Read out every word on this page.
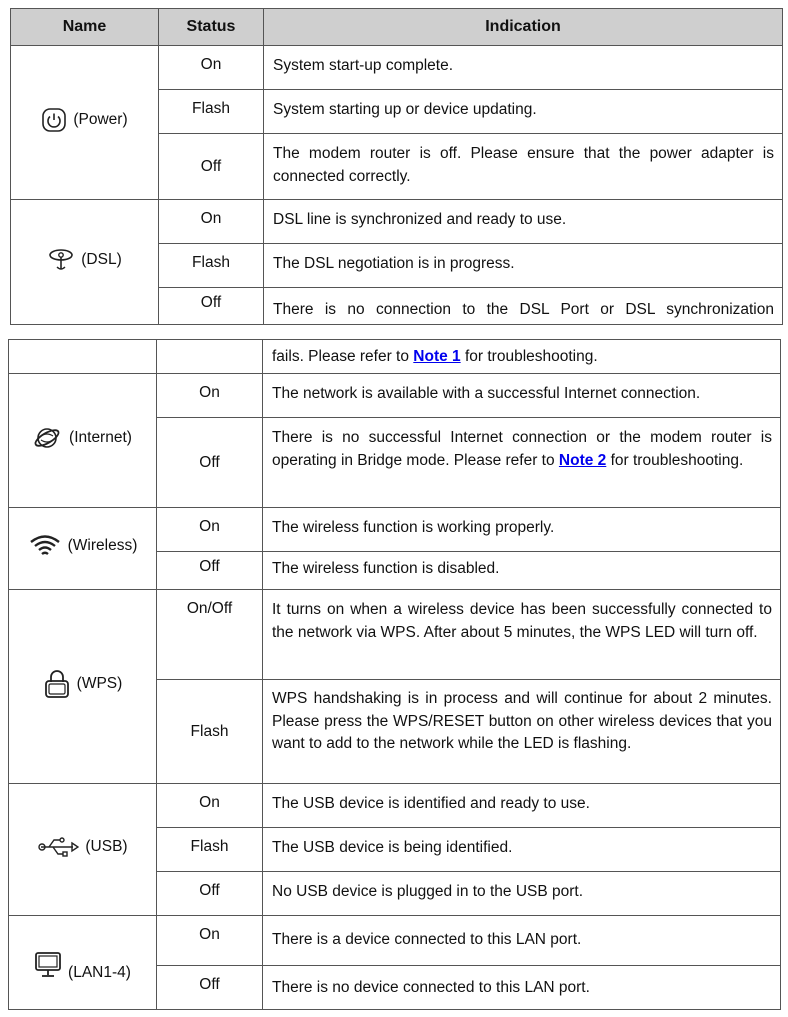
Name	Status	Indication

(Power)	On	System start-up complete.
	Flash	System starting up or device updating.
	Off	The modem router is off. Please ensure that the power adapter is connected correctly.

(DSL)	On	DSL line is synchronized and ready to use.
	Flash	The DSL negotiation is in progress.
	Off	There is no connection to the DSL Port or DSL synchronization
		fails. Please refer to Note 1 for troubleshooting.

(Internet)	On	The network is available with a successful Internet connection.
	Off	There is no successful Internet connection or the modem router is operating in Bridge mode. Please refer to Note 2 for troubleshooting.

(Wireless)	On	The wireless function is working properly.
	Off	The wireless function is disabled.

(WPS)	On/Off	It turns on when a wireless device has been successfully connected to the network via WPS. After about 5 minutes, the WPS LED will turn off.
	Flash	WPS handshaking is in process and will continue for about 2 minutes. Please press the WPS/RESET button on other wireless devices that you want to add to the network while the LED is flashing.

(USB)	On	The USB device is identified and ready to use.
	Flash	The USB device is being identified.
	Off	No USB device is plugged in to the USB port.

(LAN1-4)	On	There is a device connected to this LAN port.
	Off	There is no device connected to this LAN port.
